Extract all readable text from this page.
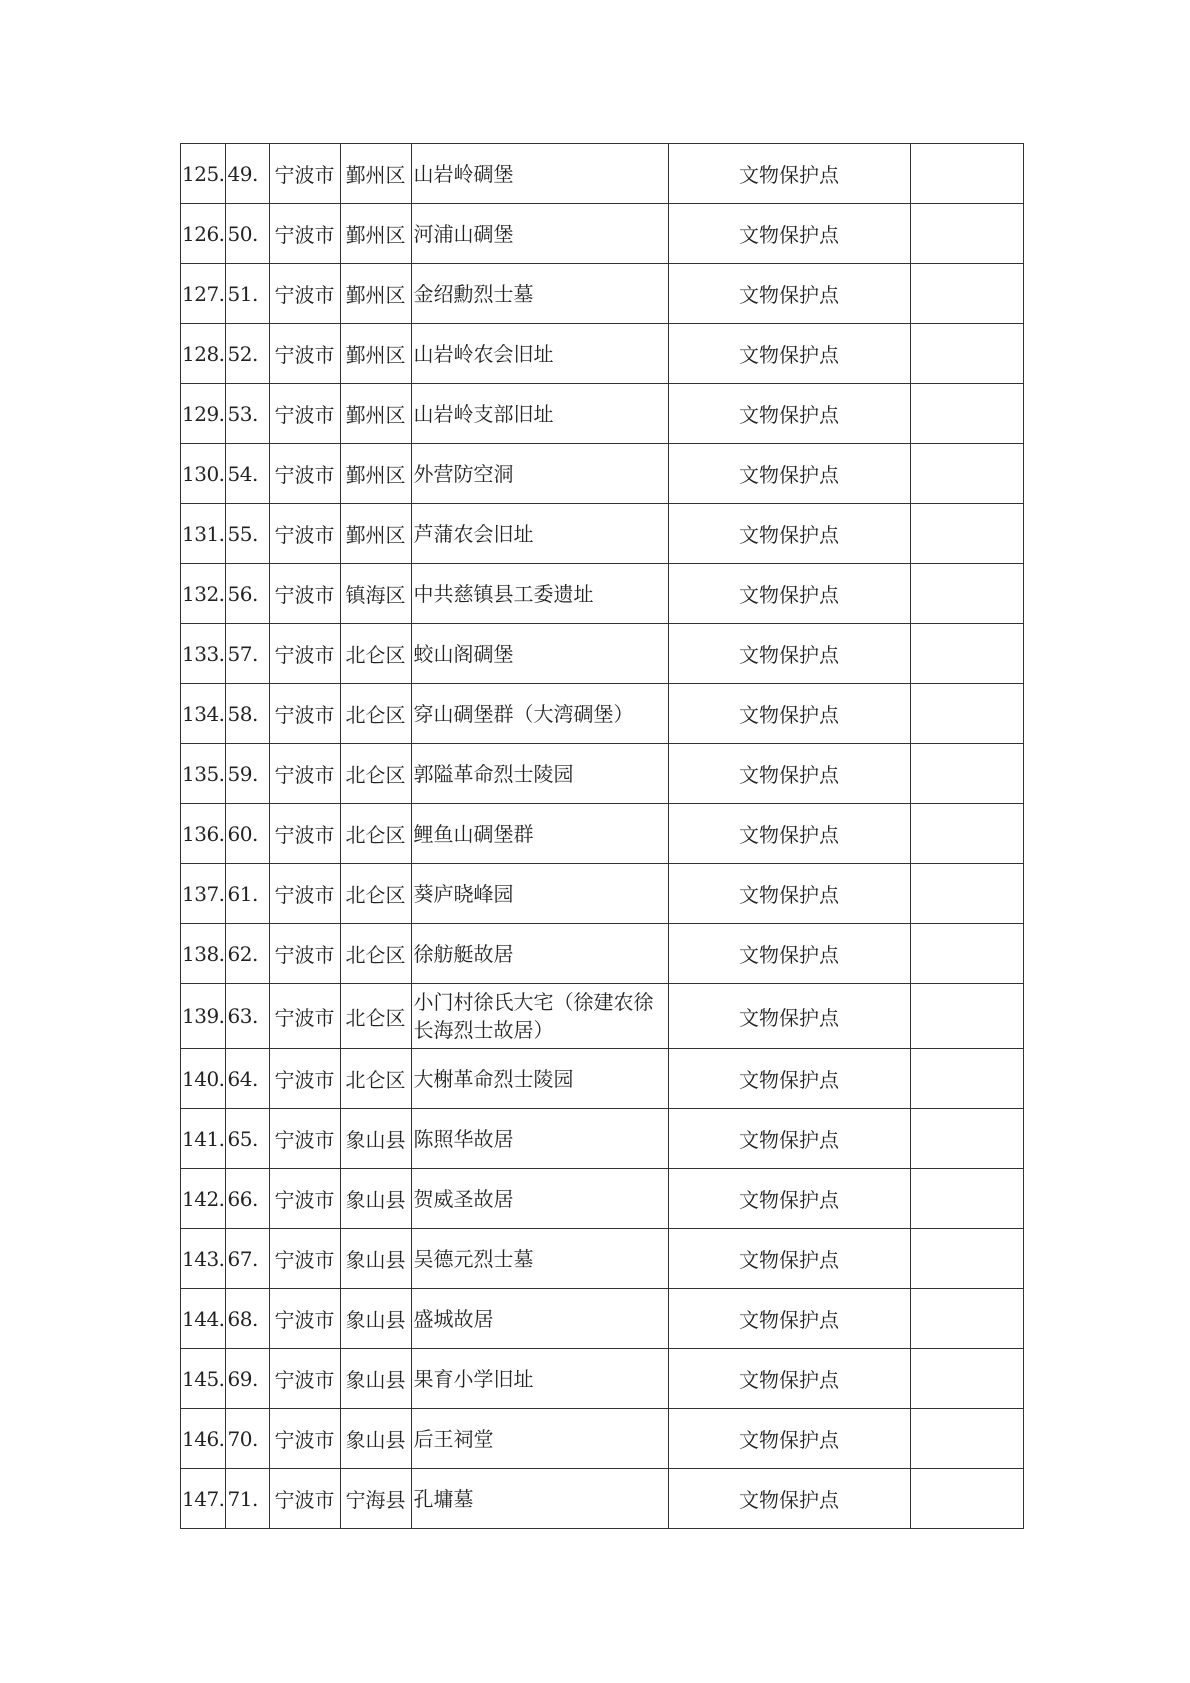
125.	49.	宁波市	鄞州区	山岩岭碉堡	文物保护点	
126.	50.	宁波市	鄞州区	河浦山碉堡	文物保护点	
127.	51.	宁波市	鄞州区	金绍勳烈士墓	文物保护点	
128.	52.	宁波市	鄞州区	山岩岭农会旧址	文物保护点	
129.	53.	宁波市	鄞州区	山岩岭支部旧址	文物保护点	
130.	54.	宁波市	鄞州区	外营防空洞	文物保护点	
131.	55.	宁波市	鄞州区	芦蒲农会旧址	文物保护点	
132.	56.	宁波市	镇海区	中共慈镇县工委遗址	文物保护点	
133.	57.	宁波市	北仑区	蛟山阁碉堡	文物保护点	
134.	58.	宁波市	北仑区	穿山碉堡群（大湾碉堡）	文物保护点	
135.	59.	宁波市	北仑区	郭隘革命烈士陵园	文物保护点	
136.	60.	宁波市	北仑区	鲤鱼山碉堡群	文物保护点	
137.	61.	宁波市	北仑区	葵庐晓峰园	文物保护点	
138.	62.	宁波市	北仑区	徐舫艇故居	文物保护点	
139.	63.	宁波市	北仑区	小门村徐氏大宅（徐建农徐长海烈士故居）	文物保护点	
140.	64.	宁波市	北仑区	大榭革命烈士陵园	文物保护点	
141.	65.	宁波市	象山县	陈照华故居	文物保护点	
142.	66.	宁波市	象山县	贺威圣故居	文物保护点	
143.	67.	宁波市	象山县	吴德元烈士墓	文物保护点	
144.	68.	宁波市	象山县	盛城故居	文物保护点	
145.	69.	宁波市	象山县	果育小学旧址	文物保护点	
146.	70.	宁波市	象山县	后王祠堂	文物保护点	
147.	71.	宁波市	宁海县	孔墉墓	文物保护点	
